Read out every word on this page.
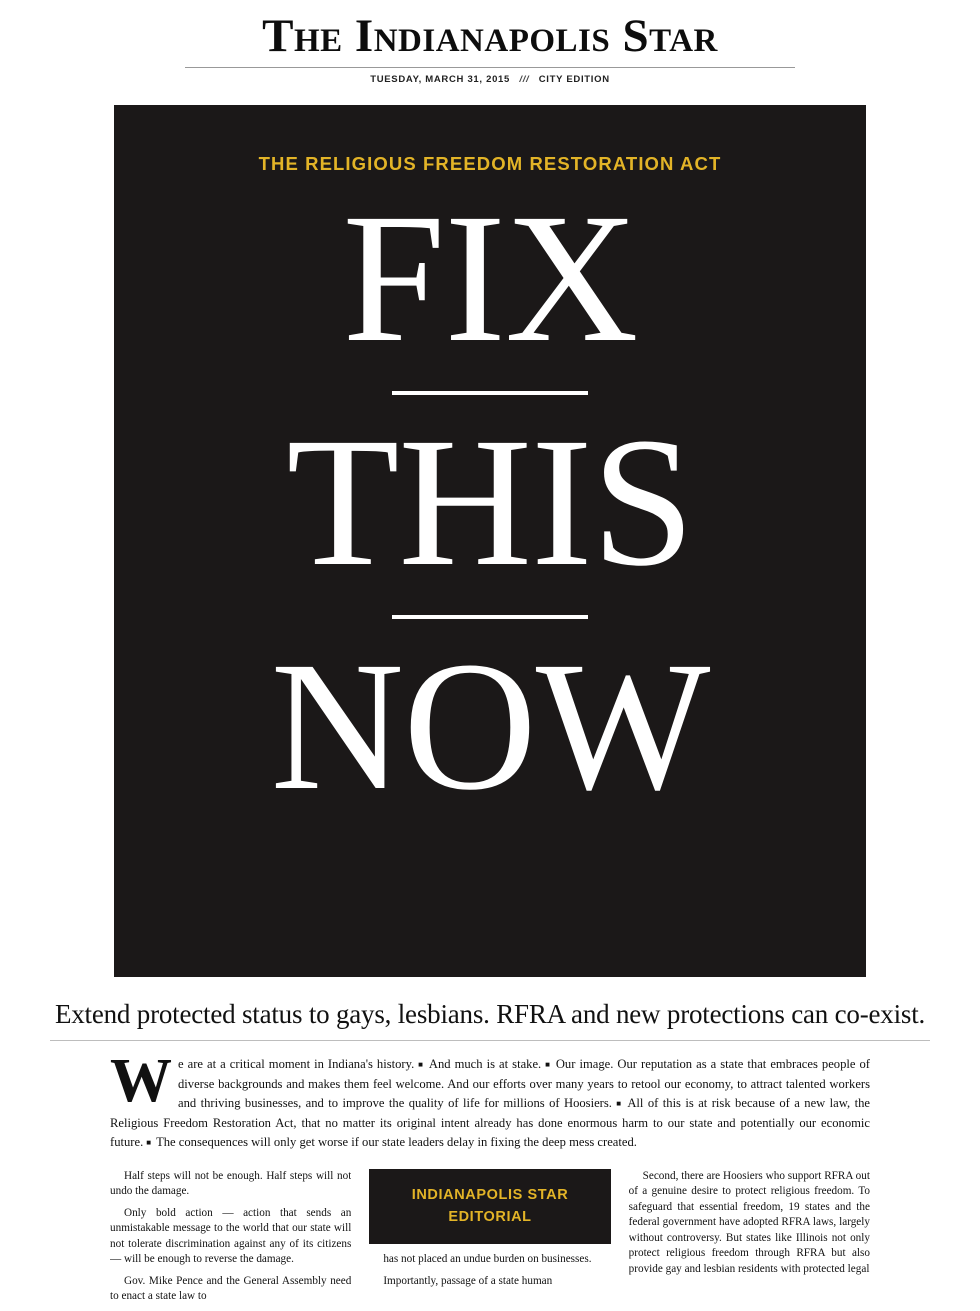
The Indianapolis Star
TUESDAY, MARCH 31, 2015 /// CITY EDITION
THE RELIGIOUS FREEDOM RESTORATION ACT
FIX
THIS
NOW
Extend protected status to gays, lesbians. RFRA and new protections can co-exist.
We are at a critical moment in Indiana's history. ■ And much is at stake. ■ Our image. Our reputation as a state that embraces people of diverse backgrounds and makes them feel welcome. And our efforts over many years to retool our economy, to attract talented workers and thriving businesses, and to improve the quality of life for millions of Hoosiers. ■ All of this is at risk because of a new law, the Religious Freedom Restoration Act, that no matter its original intent already has done enormous harm to our state and potentially our economic future. ■ The consequences will only get worse if our state leaders delay in fixing the deep mess created.

Half steps will not be enough. Half steps will not undo the damage.

Only bold action — action that sends an unmistakable message to the world that our state will not tolerate discrimination against any of its citizens — will be enough to reverse the damage.

Gov. Mike Pence and the General Assembly need to enact a state law to

INDIANAPOLIS STAR
EDITORIAL

has not placed an undue burden on businesses.

Importantly, passage of a state human

Second, there are Hoosiers who support RFRA out of a genuine desire to protect religious freedom. To safeguard that essential freedom, 19 states and the federal government have adopted RFRA laws, largely without controversy. But states like Illinois not only protect religious freedom through RFRA but also provide gay and lesbian residents with protected legal
